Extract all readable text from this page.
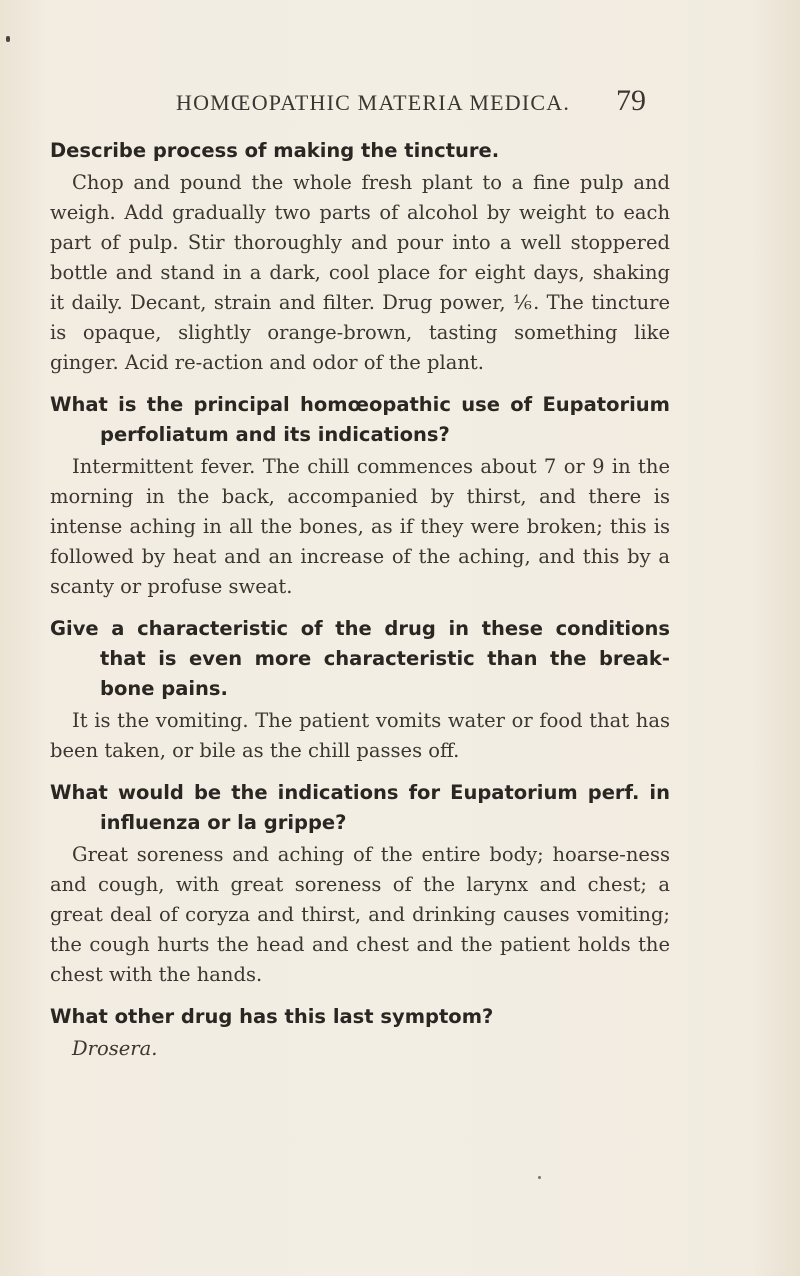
HOMŒOPATHIC MATERIA MEDICA. 79

Describe process of making the tincture.

Chop and pound the whole fresh plant to a fine pulp and weigh. Add gradually two parts of alcohol by weight to each part of pulp. Stir thoroughly and pour into a well stoppered bottle and stand in a dark, cool place for eight days, shaking it daily. Decant, strain and filter. Drug power, ⅙. The tincture is opaque, slightly orange-brown, tasting something like ginger. Acid re-action and odor of the plant.

What is the principal homœopathic use of Eupatorium perfoliatum and its indications?

Intermittent fever. The chill commences about 7 or 9 in the morning in the back, accompanied by thirst, and there is intense aching in all the bones, as if they were broken; this is followed by heat and an increase of the aching, and this by a scanty or profuse sweat.

Give a characteristic of the drug in these conditions that is even more characteristic than the break-bone pains.

It is the vomiting. The patient vomits water or food that has been taken, or bile as the chill passes off.

What would be the indications for Eupatorium perf. in influenza or la grippe?

Great soreness and aching of the entire body; hoarse-ness and cough, with great soreness of the larynx and chest; a great deal of coryza and thirst, and drinking causes vomiting; the cough hurts the head and chest and the patient holds the chest with the hands.

What other drug has this last symptom?

Drosera.
